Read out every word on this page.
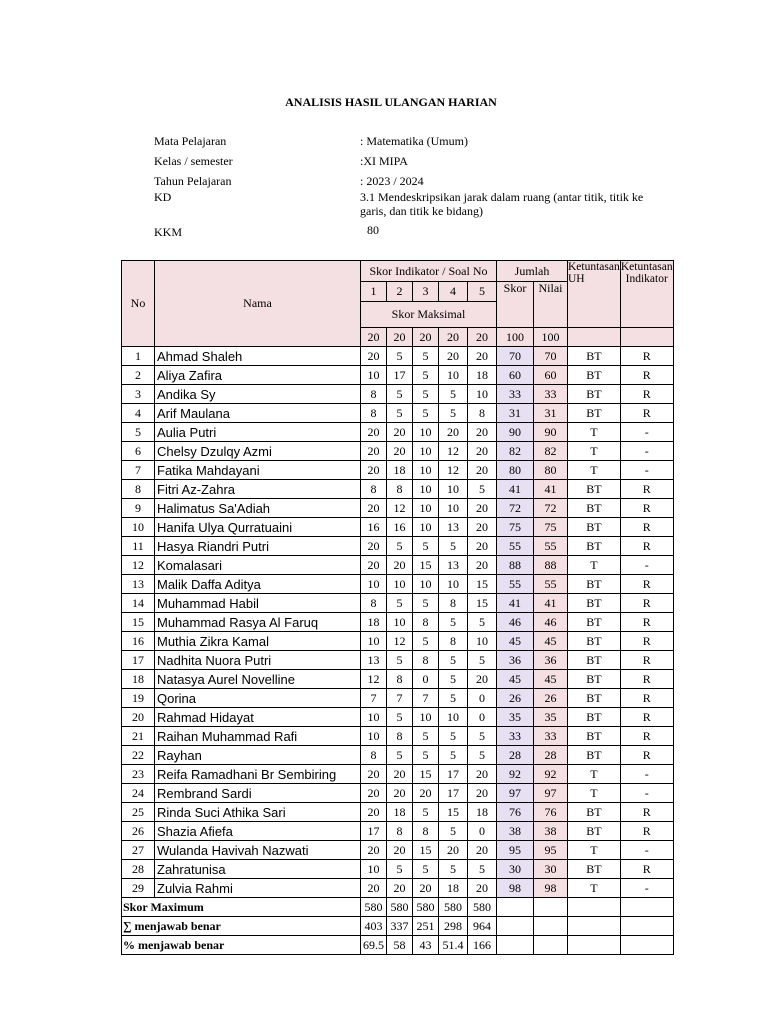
ANALISIS HASIL ULANGAN HARIAN
Mata Pelajaran	: Matematika (Umum)
Kelas / semester	:XI MIPA
Tahun Pelajaran	: 2023 / 2024
KD	3.1 Mendeskripsikan jarak dalam ruang (antar titik, titik ke garis, dan titik ke bidang)
KKM	80
No	Nama	Skor Indikator / Soal No					Jumlah		Ketuntasan UH	Ketuntasan Indikator
		1	2	3	4	5	Skor	Nilai		
		Skor Maksimal								
		20	20	20	20	20	100	100		
1	Ahmad Shaleh	20	5	5	20	20	70	70	BT	R
2	Aliya Zafira	10	17	5	10	18	60	60	BT	R
3	Andika Sy	8	5	5	5	10	33	33	BT	R
4	Arif Maulana	8	5	5	5	8	31	31	BT	R
5	Aulia Putri	20	20	10	20	20	90	90	T	-
6	Chelsy Dzulqy Azmi	20	20	10	12	20	82	82	T	-
7	Fatika Mahdayani	20	18	10	12	20	80	80	T	-
8	Fitri Az-Zahra	8	8	10	10	5	41	41	BT	R
9	Halimatus Sa'Adiah	20	12	10	10	20	72	72	BT	R
10	Hanifa Ulya Qurratuaini	16	16	10	13	20	75	75	BT	R
11	Hasya Riandri Putri	20	5	5	5	20	55	55	BT	R
12	Komalasari	20	20	15	13	20	88	88	T	-
13	Malik Daffa Aditya	10	10	10	10	15	55	55	BT	R
14	Muhammad Habil	8	5	5	8	15	41	41	BT	R
15	Muhammad Rasya Al Faruq	18	10	8	5	5	46	46	BT	R
16	Muthia Zikra Kamal	10	12	5	8	10	45	45	BT	R
17	Nadhita Nuora Putri	13	5	8	5	5	36	36	BT	R
18	Natasya Aurel Novelline	12	8	0	5	20	45	45	BT	R
19	Qorina	7	7	7	5	0	26	26	BT	R
20	Rahmad Hidayat	10	5	10	10	0	35	35	BT	R
21	Raihan Muhammad Rafi	10	8	5	5	5	33	33	BT	R
22	Rayhan	8	5	5	5	5	28	28	BT	R
23	Reifa Ramadhani Br Sembiring	20	20	15	17	20	92	92	T	-
24	Rembrand Sardi	20	20	20	17	20	97	97	T	-
25	Rinda Suci Athika Sari	20	18	5	15	18	76	76	BT	R
26	Shazia Afiefa	17	8	8	5	0	38	38	BT	R
27	Wulanda Havivah Nazwati	20	20	15	20	20	95	95	T	-
28	Zahratunisa	10	5	5	5	5	30	30	BT	R
29	Zulvia Rahmi	20	20	20	18	20	98	98	T	-
Skor Maximum		580	580	580	580	580				
∑ menjawab benar		403	337	251	298	964				
% menjawab benar		69.5	58	43	51.4	166				
